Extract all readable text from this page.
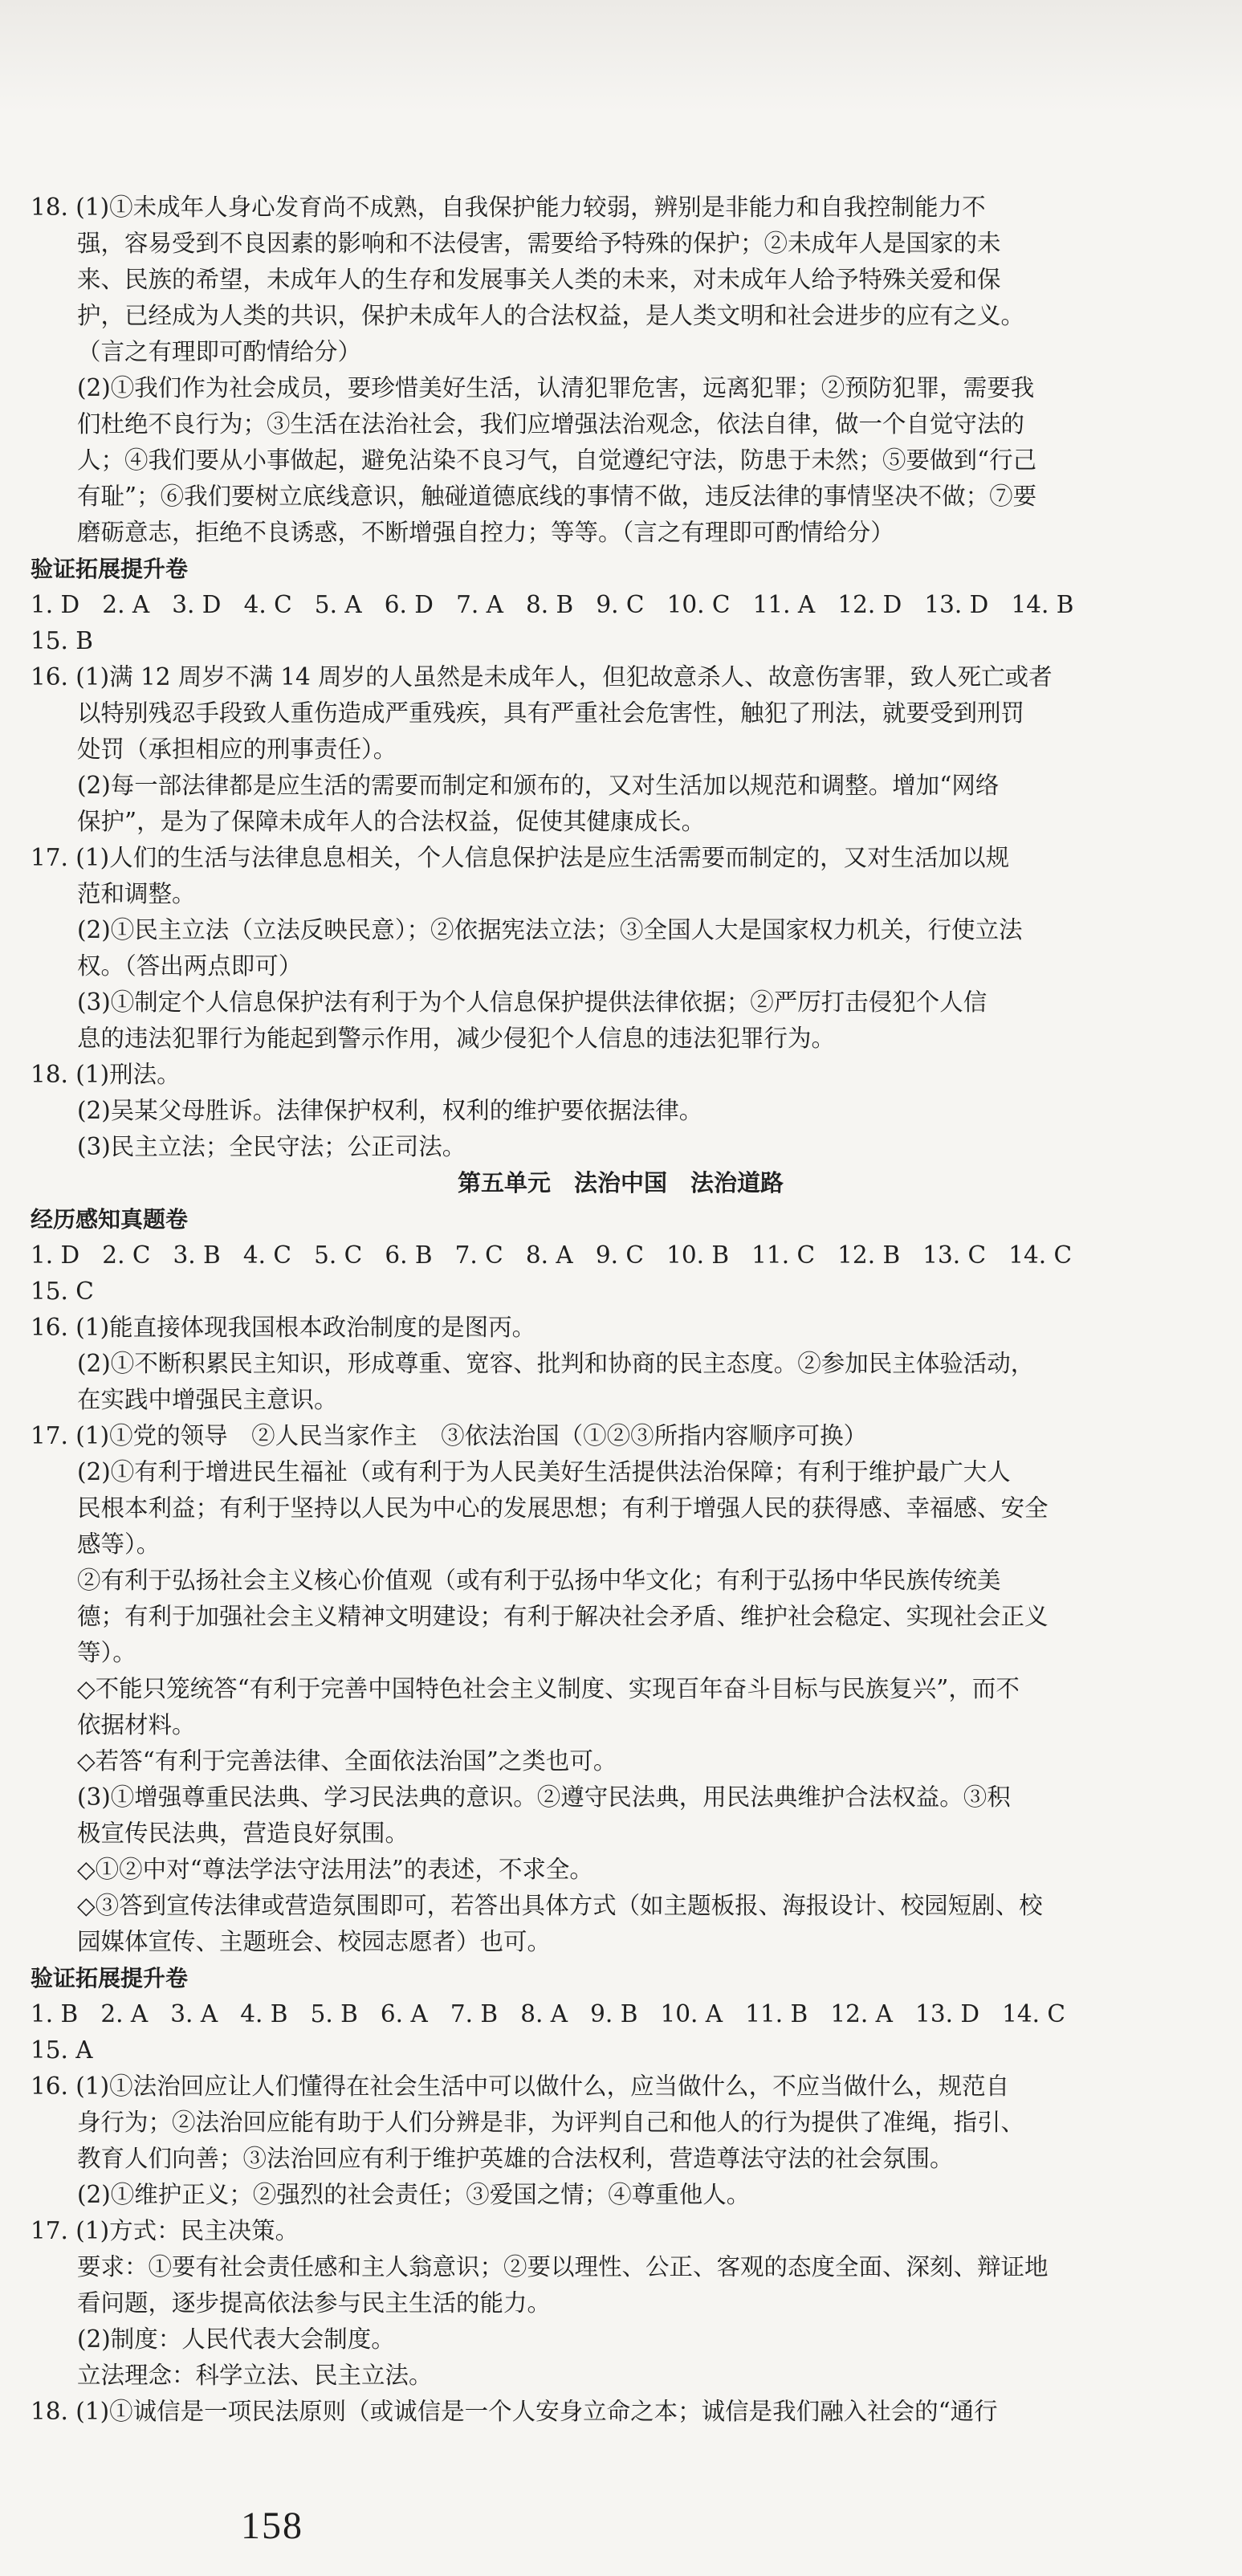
18. (1)①未成年人身心发育尚不成熟，自我保护能力较弱，辨别是非能力和自我控制能力不
强，容易受到不良因素的影响和不法侵害，需要给予特殊的保护；②未成年人是国家的未
来、民族的希望，未成年人的生存和发展事关人类的未来，对未成年人给予特殊关爱和保
护，已经成为人类的共识，保护未成年人的合法权益，是人类文明和社会进步的应有之义。
（言之有理即可酌情给分）
(2)①我们作为社会成员，要珍惜美好生活，认清犯罪危害，远离犯罪；②预防犯罪，需要我
们杜绝不良行为；③生活在法治社会，我们应增强法治观念，依法自律，做一个自觉守法的
人；④我们要从小事做起，避免沾染不良习气，自觉遵纪守法，防患于未然；⑤要做到“行己
有耻”；⑥我们要树立底线意识，触碰道德底线的事情不做，违反法律的事情坚决不做；⑦要
磨砺意志，拒绝不良诱惑，不断增强自控力；等等。（言之有理即可酌情给分）
验证拓展提升卷
1. D   2. A   3. D   4. C   5. A   6. D   7. A   8. B   9. C   10. C   11. A   12. D   13. D   14. B
15. B
16. (1)满 12 周岁不满 14 周岁的人虽然是未成年人，但犯故意杀人、故意伤害罪，致人死亡或者
以特别残忍手段致人重伤造成严重残疾，具有严重社会危害性，触犯了刑法，就要受到刑罚
处罚（承担相应的刑事责任）。
(2)每一部法律都是应生活的需要而制定和颁布的，又对生活加以规范和调整。增加“网络
保护”，是为了保障未成年人的合法权益，促使其健康成长。
17. (1)人们的生活与法律息息相关，个人信息保护法是应生活需要而制定的，又对生活加以规
范和调整。
(2)①民主立法（立法反映民意）；②依据宪法立法；③全国人大是国家权力机关，行使立法
权。（答出两点即可）
(3)①制定个人信息保护法有利于为个人信息保护提供法律依据；②严厉打击侵犯个人信
息的违法犯罪行为能起到警示作用，减少侵犯个人信息的违法犯罪行为。
18. (1)刑法。
(2)吴某父母胜诉。法律保护权利，权利的维护要依据法律。
(3)民主立法；全民守法；公正司法。
第五单元　法治中国　法治道路
经历感知真题卷
1. D   2. C   3. B   4. C   5. C   6. B   7. C   8. A   9. C   10. B   11. C   12. B   13. C   14. C
15. C
16. (1)能直接体现我国根本政治制度的是图丙。
(2)①不断积累民主知识，形成尊重、宽容、批判和协商的民主态度。②参加民主体验活动，
在实践中增强民主意识。
17. (1)①党的领导　②人民当家作主　③依法治国（①②③所指内容顺序可换）
(2)①有利于增进民生福祉（或有利于为人民美好生活提供法治保障；有利于维护最广大人
民根本利益；有利于坚持以人民为中心的发展思想；有利于增强人民的获得感、幸福感、安全
感等）。
②有利于弘扬社会主义核心价值观（或有利于弘扬中华文化；有利于弘扬中华民族传统美
德；有利于加强社会主义精神文明建设；有利于解决社会矛盾、维护社会稳定、实现社会正义
等）。
◇不能只笼统答“有利于完善中国特色社会主义制度、实现百年奋斗目标与民族复兴”，而不
依据材料。
◇若答“有利于完善法律、全面依法治国”之类也可。
(3)①增强尊重民法典、学习民法典的意识。②遵守民法典，用民法典维护合法权益。③积
极宣传民法典，营造良好氛围。
◇①②中对“尊法学法守法用法”的表述，不求全。
◇③答到宣传法律或营造氛围即可，若答出具体方式（如主题板报、海报设计、校园短剧、校
园媒体宣传、主题班会、校园志愿者）也可。
验证拓展提升卷
1. B   2. A   3. A   4. B   5. B   6. A   7. B   8. A   9. B   10. A   11. B   12. A   13. D   14. C
15. A
16. (1)①法治回应让人们懂得在社会生活中可以做什么，应当做什么，不应当做什么，规范自
身行为；②法治回应能有助于人们分辨是非，为评判自己和他人的行为提供了准绳，指引、
教育人们向善；③法治回应有利于维护英雄的合法权利，营造尊法守法的社会氛围。
(2)①维护正义；②强烈的社会责任；③爱国之情；④尊重他人。
17. (1)方式：民主决策。
要求：①要有社会责任感和主人翁意识；②要以理性、公正、客观的态度全面、深刻、辩证地
看问题，逐步提高依法参与民主生活的能力。
(2)制度：人民代表大会制度。
立法理念：科学立法、民主立法。
18. (1)①诚信是一项民法原则（或诚信是一个人安身立命之本；诚信是我们融入社会的“通行
158
